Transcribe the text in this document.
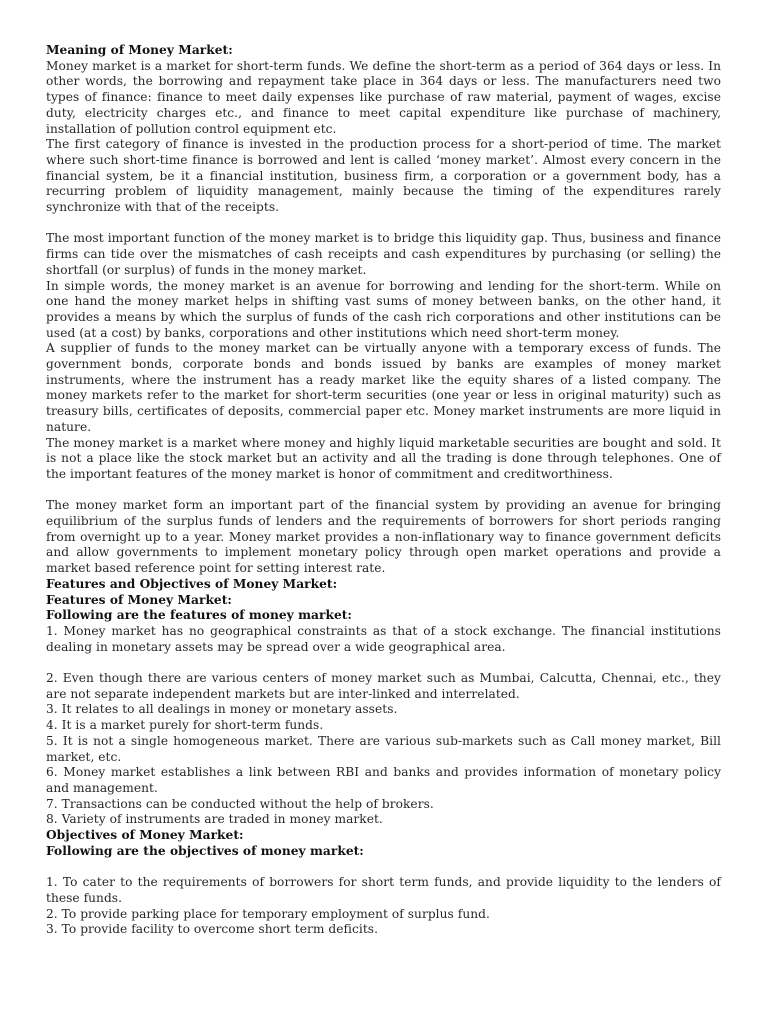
Meaning of Money Market:

Money market is a market for short-term funds. We define the short-term as a period of 364 days or less. In other words, the borrowing and repayment take place in 364 days or less. The manufacturers need two types of finance: finance to meet daily expenses like purchase of raw material, payment of wages, excise duty, electricity charges etc., and finance to meet capital expenditure like purchase of machinery, installation of pollution control equipment etc.

The first category of finance is invested in the production process for a short-period of time. The market where such short-time finance is borrowed and lent is called ‘money market’. Almost every concern in the financial system, be it a financial institution, business firm, a corporation or a government body, has a recurring problem of liquidity management, mainly because the timing of the expenditures rarely synchronize with that of the receipts.

The most important function of the money market is to bridge this liquidity gap. Thus, business and finance firms can tide over the mismatches of cash receipts and cash expenditures by purchasing (or selling) the shortfall (or surplus) of funds in the money market.

In simple words, the money market is an avenue for borrowing and lending for the short-term. While on one hand the money market helps in shifting vast sums of money between banks, on the other hand, it provides a means by which the surplus of funds of the cash rich corporations and other institutions can be used (at a cost) by banks, corporations and other institutions which need short-term money.

A supplier of funds to the money market can be virtually anyone with a temporary excess of funds. The government bonds, corporate bonds and bonds issued by banks are examples of money market instruments, where the instrument has a ready market like the equity shares of a listed company. The money markets refer to the market for short-term securities (one year or less in original maturity) such as treasury bills, certificates of deposits, commercial paper etc. Money market instruments are more liquid in nature.

The money market is a market where money and highly liquid marketable securities are bought and sold. It is not a place like the stock market but an activity and all the trading is done through telephones. One of the important features of the money market is honor of commitment and creditworthiness.

The money market form an important part of the financial system by providing an avenue for bringing equilibrium of the surplus funds of lenders and the requirements of borrowers for short periods ranging from overnight up to a year. Money market provides a non-inflationary way to finance government deficits and allow governments to implement monetary policy through open market operations and provide a market based reference point for setting interest rate.

Features and Objectives of Money Market:

Features of Money Market:

Following are the features of money market:

1. Money market has no geographical constraints as that of a stock exchange. The financial institutions dealing in monetary assets may be spread over a wide geographical area.

2. Even though there are various centers of money market such as Mumbai, Calcutta, Chennai, etc., they are not separate independent markets but are inter-linked and interrelated.

3. It relates to all dealings in money or monetary assets.

4. It is a market purely for short-term funds.

5. It is not a single homogeneous market. There are various sub-markets such as Call money market, Bill market, etc.

6. Money market establishes a link between RBI and banks and provides information of monetary policy and management.

7. Transactions can be conducted without the help of brokers.

8. Variety of instruments are traded in money market.

Objectives of Money Market:

Following are the objectives of money market:

1. To cater to the requirements of borrowers for short term funds, and provide liquidity to the lenders of these funds.

2. To provide parking place for temporary employment of surplus fund.

3. To provide facility to overcome short term deficits.
